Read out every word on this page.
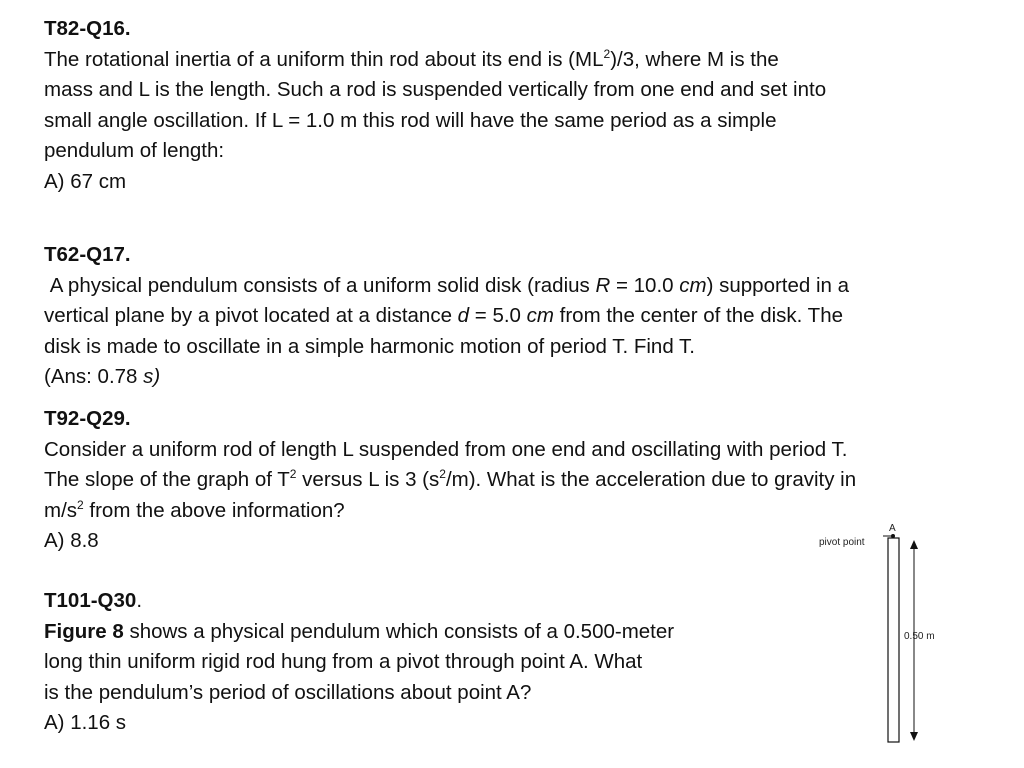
T82-Q16.
The rotational inertia of a uniform thin rod about its end is $(ML^2)/3$, where M is the
mass and L is the length. Such a rod is suspended vertically from one end and set into
small angle oscillation. If L = 1.0 m this rod will have the same period as a simple
pendulum of length:
A) 67 cm
T62-Q17.
A physical pendulum consists of a uniform solid disk (radius R = 10.0 cm) supported in a
vertical plane by a pivot located at a distance d = 5.0 cm from the center of the disk. The
disk is made to oscillate in a simple harmonic motion of period T. Find T.
(Ans: 0.78 s)
T92-Q29.
Consider a uniform rod of length L suspended from one end and oscillating with period T.
The slope of the graph of $T^2$ versus L is 3 $(s^2/m)$. What is the acceleration due to gravity in
$m/s^2$ from the above information?
A) 8.8
T101-Q30.
Figure 8 shows a physical pendulum which consists of a 0.500-meter
long thin uniform rigid rod hung from a pivot through point A. What
is the pendulum’s period of oscillations about point A?
A) 1.16 s
A
pivot point
0.50 m
